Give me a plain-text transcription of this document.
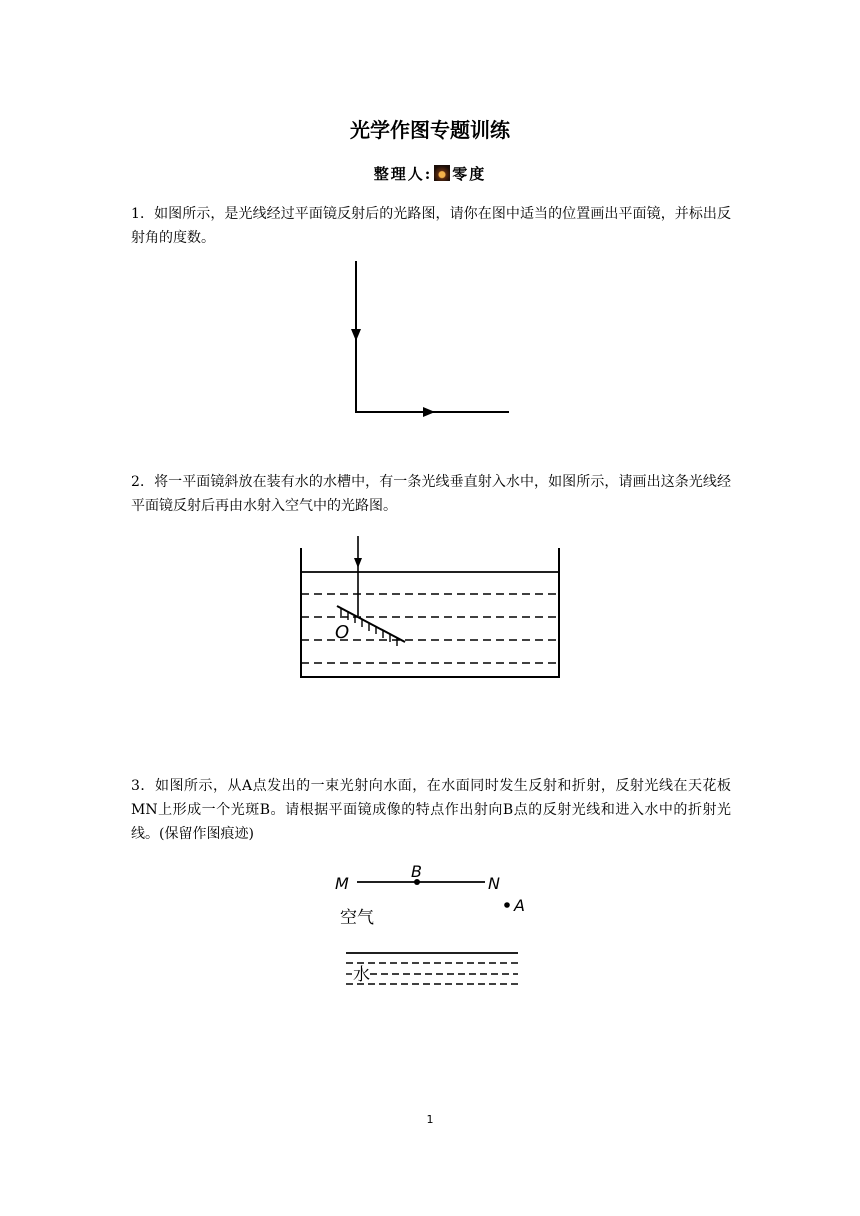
光学作图专题训练
整理人: 零度
1．如图所示，是光线经过平面镜反射后的光路图，请你在图中适当的位置画出平面镜，并标出反射角的度数。
2．将一平面镜斜放在装有水的水槽中，有一条光线垂直射入水中，如图所示，请画出这条光线经平面镜反射后再由水射入空气中的光路图。
O
3．如图所示，从A点发出的一束光射向水面，在水面同时发生反射和折射，反射光线在天花板MN上形成一个光斑B。请根据平面镜成像的特点作出射向B点的反射光线和进入水中的折射光线。(保留作图痕迹)
M
B
N
A
空气
水
1
